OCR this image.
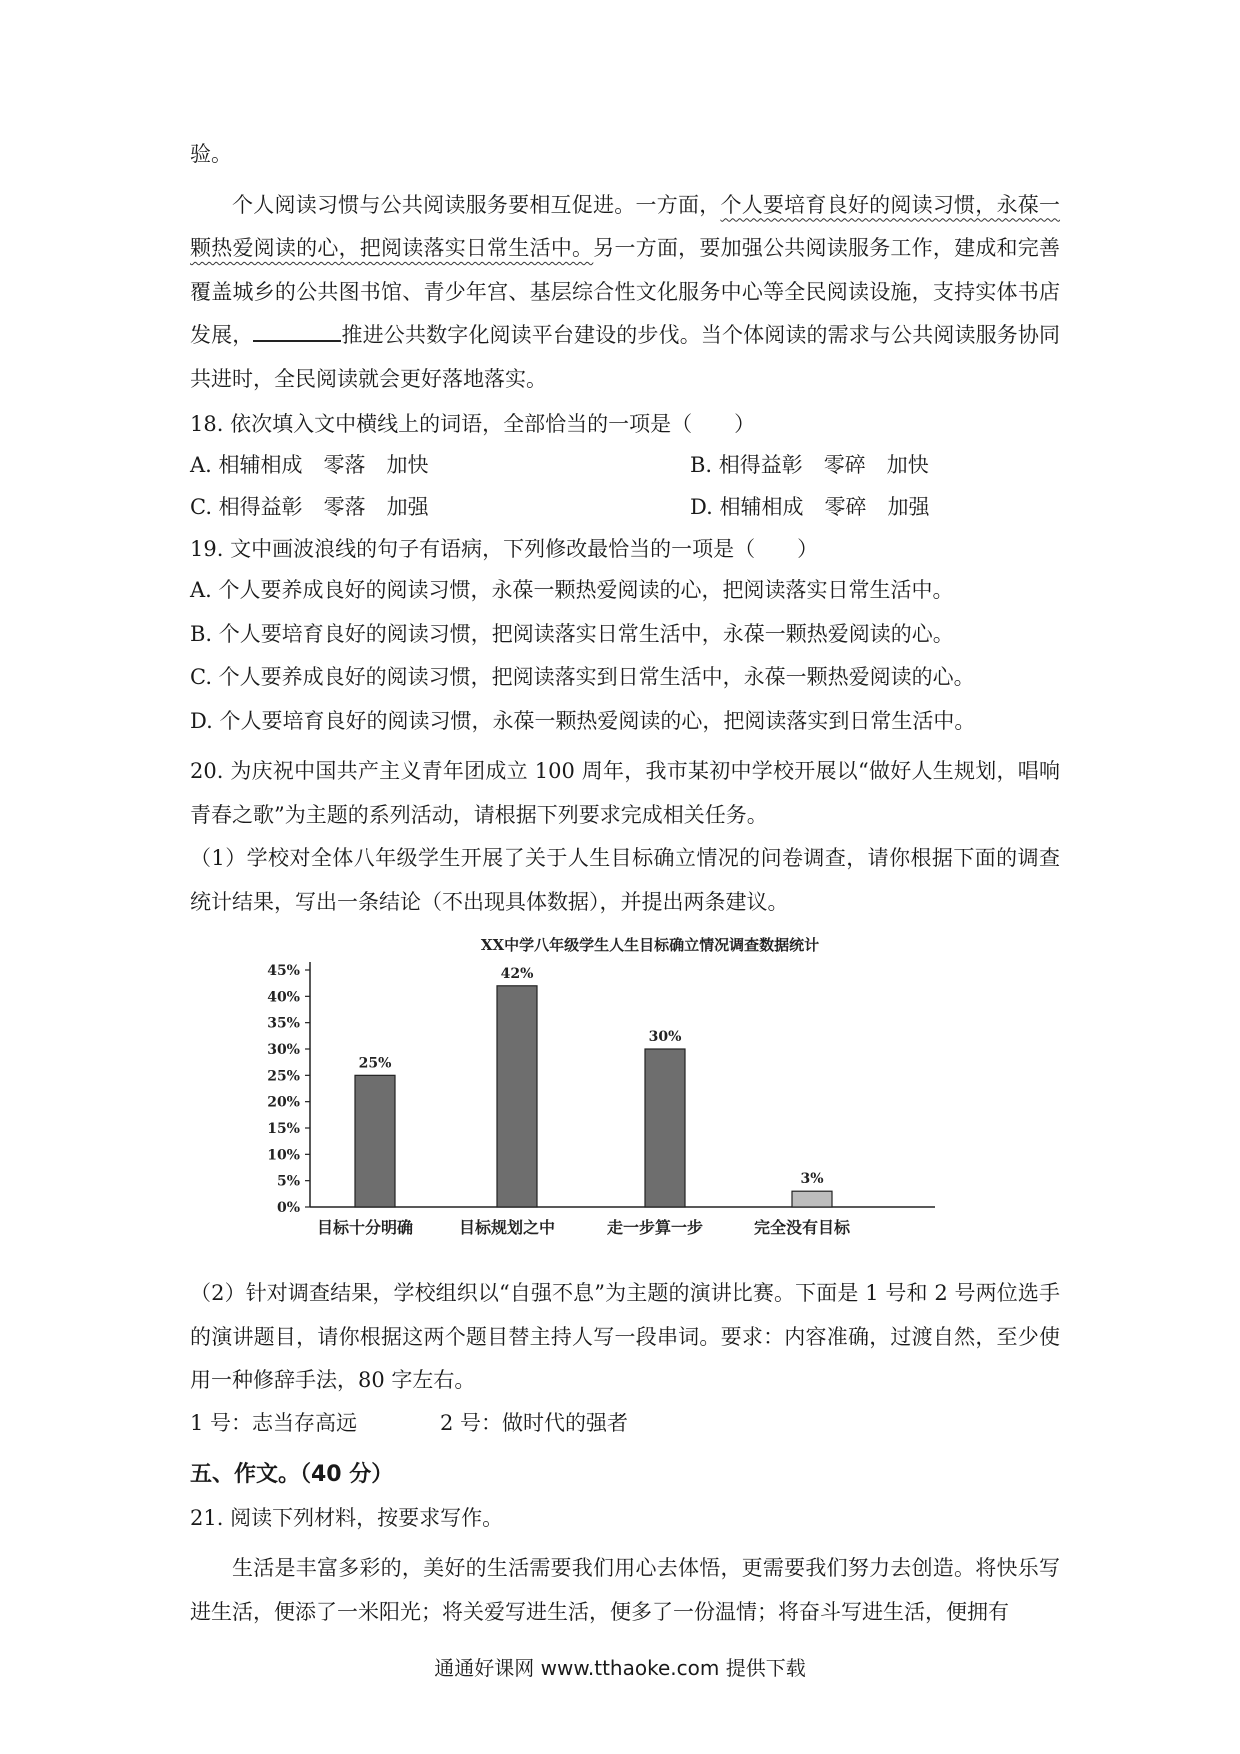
验。

个人阅读习惯与公共阅读服务要相互促进。一方面，个人要培育良好的阅读习惯，永葆一颗热爱阅读的心，把阅读落实日常生活中。另一方面，要加强公共阅读服务工作，建成和完善覆盖城乡的公共图书馆、青少年宫、基层综合性文化服务中心等全民阅读设施，支持实体书店发展，	推进公共数字化阅读平台建设的步伐。当个体阅读的需求与公共阅读服务协同共进时，全民阅读就会更好落地落实。

18. 依次填入文中横线上的词语，全部恰当的一项是（　　）

A. 相辅相成　零落　加快	B. 相得益彰　零碎　加快
C. 相得益彰　零落　加强	D. 相辅相成　零碎　加强

19. 文中画波浪线的句子有语病，下列修改最恰当的一项是（　　）

A. 个人要养成良好的阅读习惯，永葆一颗热爱阅读的心，把阅读落实日常生活中。

B. 个人要培育良好的阅读习惯，把阅读落实日常生活中，永葆一颗热爱阅读的心。

C. 个人要养成良好的阅读习惯，把阅读落实到日常生活中，永葆一颗热爱阅读的心。

D. 个人要培育良好的阅读习惯，永葆一颗热爱阅读的心，把阅读落实到日常生活中。

20. 为庆祝中国共产主义青年团成立 100 周年，我市某初中学校开展以“做好人生规划，唱响青春之歌”为主题的系列活动，请根据下列要求完成相关任务。

（1）学校对全体八年级学生开展了关于人生目标确立情况的问卷调查，请你根据下面的调查统计结果，写出一条结论（不出现具体数据），并提出两条建议。

XX中学八年级学生人生目标确立情况调查数据统计
0%
5%
10%
15%
20%
25%
30%
35%
40%
45%
25%
目标十分明确
42%
目标规划之中
30%
走一步算一步
3%
完全没有目标

（2）针对调查结果，学校组织以“自强不息”为主题的演讲比赛。下面是 1 号和 2 号两位选手的演讲题目，请你根据这两个题目替主持人写一段串词。要求：内容准确，过渡自然，至少使用一种修辞手法，80 字左右。

1 号：志当存高远	2 号：做时代的强者

五、作文。（40 分）

21. 阅读下列材料，按要求写作。

生活是丰富多彩的，美好的生活需要我们用心去体悟，更需要我们努力去创造。将快乐写进生活，便添了一米阳光；将关爱写进生活，便多了一份温情；将奋斗写进生活，便拥有

通通好课网 www.tthaoke.com 提供下载
